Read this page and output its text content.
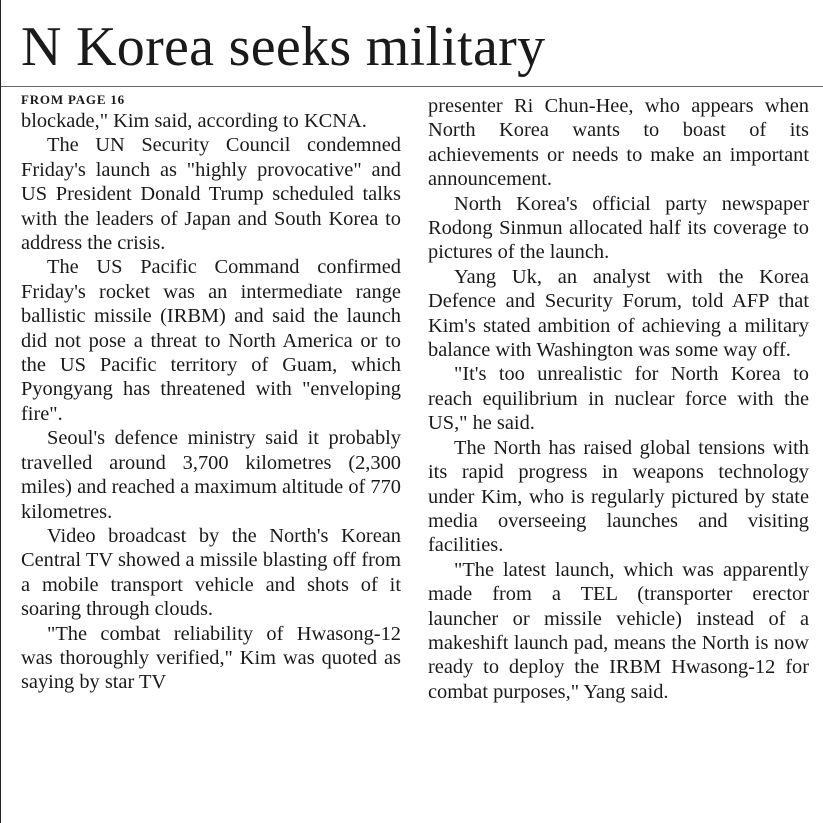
N Korea seeks military
FROM PAGE 16

blockade," Kim said, according to KCNA.

The UN Security Council condemned Friday's launch as "highly provocative" and US President Donald Trump scheduled talks with the leaders of Japan and South Korea to address the crisis.

The US Pacific Command confirmed Friday's rocket was an intermediate range ballistic missile (IRBM) and said the launch did not pose a threat to North America or to the US Pacific territory of Guam, which Pyongyang has threatened with "enveloping fire".

Seoul's defence ministry said it probably travelled around 3,700 kilometres (2,300 miles) and reached a maximum altitude of 770 kilometres.

Video broadcast by the North's Korean Central TV showed a missile blasting off from a mobile transport vehicle and shots of it soaring through clouds.

"The combat reliability of Hwasong-12 was thoroughly verified," Kim was quoted as saying by star TV

presenter Ri Chun-Hee, who appears when North Korea wants to boast of its achievements or needs to make an important announcement.

North Korea's official party newspaper Rodong Sinmun allocated half its coverage to pictures of the launch.

Yang Uk, an analyst with the Korea Defence and Security Forum, told AFP that Kim's stated ambition of achieving a military balance with Washington was some way off.

"It's too unrealistic for North Korea to reach equilibrium in nuclear force with the US," he said.

The North has raised global tensions with its rapid progress in weapons technology under Kim, who is regularly pictured by state media overseeing launches and visiting facilities.

"The latest launch, which was apparently made from a TEL (transporter erector launcher or missile vehicle) instead of a makeshift launch pad, means the North is now ready to deploy the IRBM Hwasong-12 for combat purposes," Yang said.
